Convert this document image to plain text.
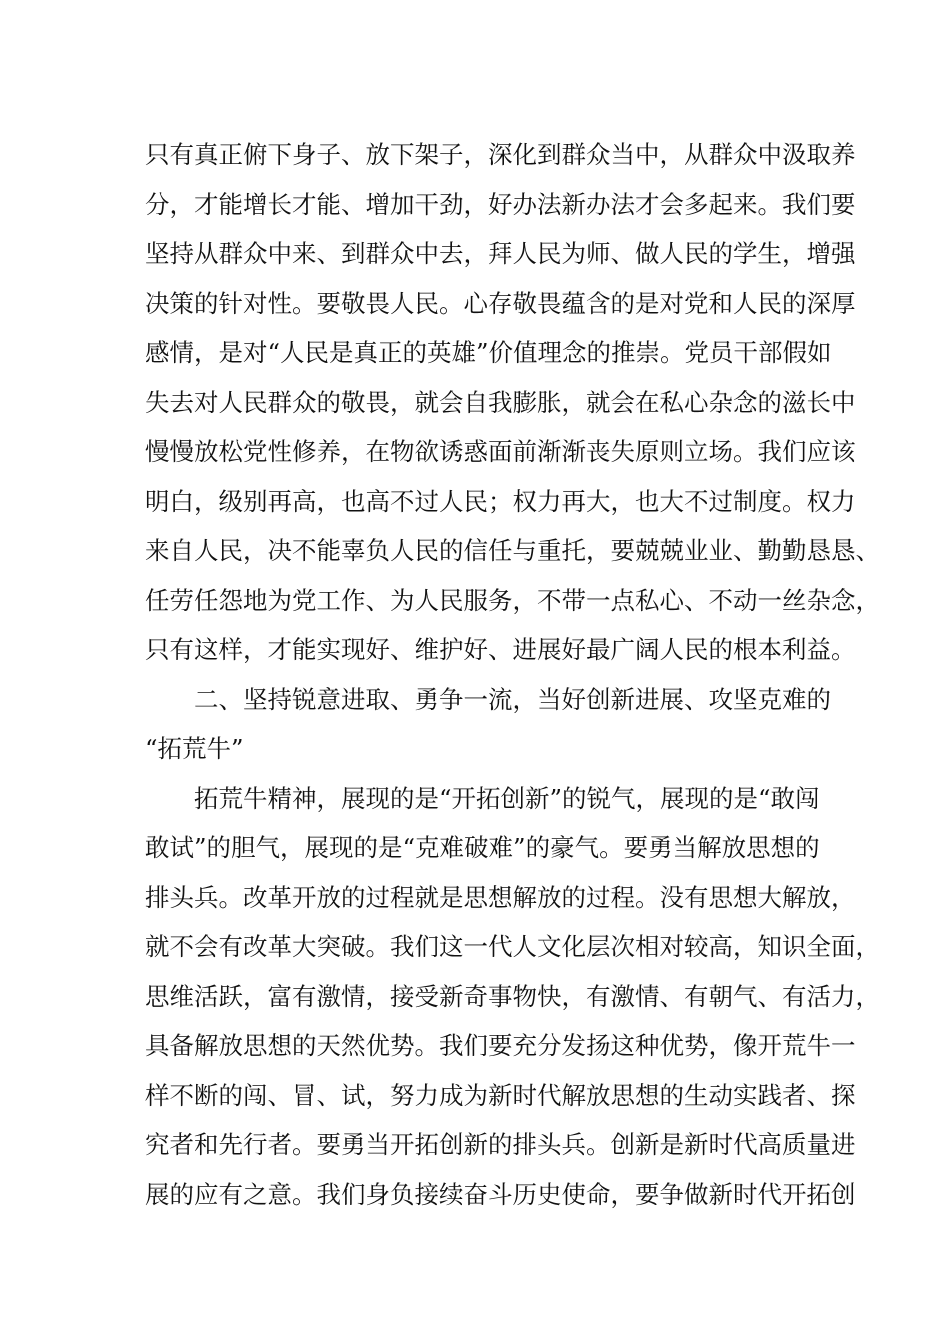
只有真正俯下身子、放下架子，深化到群众当中，从群众中汲取养
分，才能增长才能、增加干劲，好办法新办法才会多起来。我们要
坚持从群众中来、到群众中去，拜人民为师、做人民的学生，增强
决策的针对性。要敬畏人民。心存敬畏蕴含的是对党和人民的深厚
感情，是对“人民是真正的英雄”价值理念的推崇。党员干部假如
失去对人民群众的敬畏，就会自我膨胀，就会在私心杂念的滋长中
慢慢放松党性修养，在物欲诱惑面前渐渐丧失原则立场。我们应该
明白，级别再高，也高不过人民；权力再大，也大不过制度。权力
来自人民，决不能辜负人民的信任与重托，要兢兢业业、勤勤恳恳、
任劳任怨地为党工作、为人民服务，不带一点私心、不动一丝杂念，
只有这样，才能实现好、维护好、进展好最广阔人民的根本利益。
二、坚持锐意进取、勇争一流，当好创新进展、攻坚克难的
“拓荒牛”
拓荒牛精神，展现的是“开拓创新”的锐气，展现的是“敢闯
敢试”的胆气，展现的是“克难破难”的豪气。要勇当解放思想的
排头兵。改革开放的过程就是思想解放的过程。没有思想大解放，
就不会有改革大突破。我们这一代人文化层次相对较高，知识全面，
思维活跃，富有激情，接受新奇事物快，有激情、有朝气、有活力，
具备解放思想的天然优势。我们要充分发扬这种优势，像开荒牛一
样不断的闯、冒、试，努力成为新时代解放思想的生动实践者、探
究者和先行者。要勇当开拓创新的排头兵。创新是新时代高质量进
展的应有之意。我们身负接续奋斗历史使命，要争做新时代开拓创
